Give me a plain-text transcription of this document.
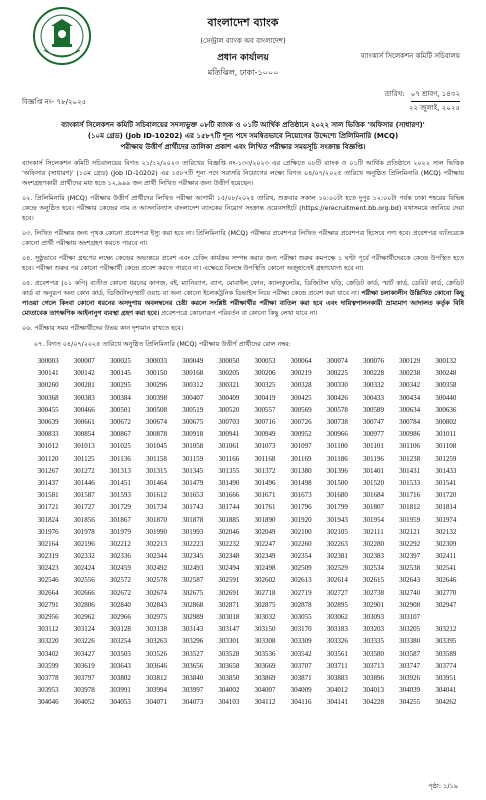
বাংলাদেশ ব্যাংক
(সেন্ট্রাল ব্যাংক অব বাংলাদেশ)
প্রধান কার্যালয়
মতিঝিল, ঢাকা-১০০০
ব্যাংকার্স সিলেকশন কমিটি সচিবালয়
বিজ্ঞপ্তি নং- ৭৮/২০২৫
তারিখ: ০৭ শ্রাবণ, ১৪৩২
২২ জুলাই, ২০২৫
ব্যাংকার্স সিলেকশন কমিটি সচিবালয়ের সদস্যভুক্ত ০৮টি ব্যাংক ও ০১টি আর্থিক প্রতিষ্ঠানে ২০২২ সাল ভিত্তিক 'অফিসার (সাধারণ)'
(১০ম গ্রেড) (Job ID-10202) এর ১৫৮৭টি শূন্য পদে সমন্বিতভাবে নিয়োগের উদ্দেশ্যে প্রিলিমিনারি (MCQ)
পরীক্ষায় উত্তীর্ণ প্রার্থীদের তালিকা প্রকাশ এবং লিখিত পরীক্ষার সময়সূচি সংক্রান্ত বিজ্ঞপ্তি।

ব্যাংকার্স সিলেকশন কমিটি সচিবালয়ের বিগত ২১/১২/২০২৩ তারিখের বিজ্ঞপ্তি নং-১৩৩/২০২৩ এর প্রেক্ষিতে ০৮টি ব্যাংক ও ০১টি আর্থিক প্রতিষ্ঠানে ২০২২ সাল ভিত্তিক 'অফিসার (সাধারণ)' (১০ম গ্রেড) (Job ID-10202) এর ১৫৮৭টি শূন্য পদে সরাসরি নিয়োগের লক্ষ্যে বিগত ০৪/০৭/২০২৫ তারিখে অনুষ্ঠিত প্রিলিমিনারি (MCQ) পরীক্ষায় অংশগ্রহণকারী প্রার্থীদের মধ্য হতে ১২,৯৯৯ জন প্রার্থী লিখিত পরীক্ষার জন্য উত্তীর্ণ হয়েছেন।

০২. প্রিলিমিনারি (MCQ) পরীক্ষায় উত্তীর্ণ প্রার্থীদের লিখিত পরীক্ষা আগামী ১৫/০৮/২০২৫ তারিখ, শুক্রবার সকাল ১০:০০টা হতে দুপুর ১২:০০টা পর্যন্ত ঢাকা শহরের বিভিন্ন কেন্দ্রে অনুষ্ঠিত হবে। পরীক্ষার কেন্দ্রের নাম ও আসনবিন্যাস বাংলাদেশ ব্যাংকের নিয়োগ সংক্রান্ত ওয়েবসাইটে (https://erecruitment.bb.org.bd) যথাসময়ে জানিয়ে দেয়া হবে।

০৩. লিখিত পরীক্ষার জন্য পৃথক কোনো প্রবেশপত্র ইস্যু করা হবে না। প্রিলিমিনারি (MCQ) পরীক্ষার প্রবেশপত্র লিখিত পরীক্ষার প্রবেশপত্র হিসেবে গণ্য হবে। প্রবেশপত্র ব্যতিরেকে কোনো প্রার্থী পরীক্ষায় অংশগ্রহণ করতে পারবে না।

০৪. সুষ্ঠুভাবে পরীক্ষা গ্রহণের লক্ষ্যে কেন্দ্রের অভ্যন্তরে প্রবেশ এবং চেকিং কার্যক্রম সম্পন্ন করার জন্য পরীক্ষা শুরুর কমপক্ষে ১ ঘণ্টা পূর্বে পরীক্ষার্থীদেরকে কেন্দ্রে উপস্থিত হতে হবে। পরীক্ষা শুরুর পর কোনো পরীক্ষার্থী কেন্দ্রে প্রবেশ করতে পারবে না। এক্ষেত্রে বিলম্বে উপস্থিতি কোনো অজুহাতেই গ্রহণযোগ্য হবে না।

০৫. প্রবেশপত্র (০১ কপি) ব্যতীত কোনো ধরনের কাগজ, বই, ম্যানিব্যাগ, ব্যাগ, মোবাইল ফোন, ক্যালকুলেটর, ডিজিটাল ঘড়ি, ক্রেডিট কার্ড, স্মার্ট কার্ড, ডেবিট কার্ড, ক্রেডিট কার্ড বা অনুরূপ অন্য কোন কার্ড, ডিজিটাল/স্মার্ট ওয়াচ বা অন্য কোনো ইলেকট্রনিক ডিভাইস নিয়ে পরীক্ষা কেন্দ্রে প্রবেশ করা যাবে না। পরীক্ষা চলাকালীন উল্লিখিত কোনো কিছু পাওয়া গেলে কিংবা কোনো ধরনের অসদুপায় অবলম্বনের চেষ্টা করলে সংশ্লিষ্ট পরীক্ষার্থীর পরীক্ষা বাতিল করা হবে এবং দায়িত্বপালনকারী ভ্রাম্যমাণ আদালত কর্তৃক বিধি মোতাবেক তাৎক্ষণিক আইনানুগ ব্যবস্থা গ্রহণ করা হবে। প্রবেশপত্রে কোনোরূপ পরিবর্তন বা কোনো কিছু লেখা যাবে না।

০৬. পরীক্ষার সময় পরীক্ষার্থীদের উভয় কান দৃশ্যমান রাখতে হবে।

০৭. বিগত ০৪/০৭/২০২৫ তারিখে অনুষ্ঠিত প্রিলিমিনারি (MCQ) পরীক্ষায় উত্তীর্ণ প্রার্থীদের রোল নম্বর:
300003	300007	300025	300033	300049	300050	300053	300064	300074	300076	300129	300132
300141	300142	300145	300150	300168	300205	300206	300219	300225	300228	300238	300248
300260	300281	300295	300296	300312	300321	300325	300328	300330	300332	300342	300358
300368	300383	300384	300398	300407	300409	300419	300425	300426	300433	300434	300440
300455	300466	300501	300508	300519	300520	300557	300569	300578	300589	300634	300636
300639	300661	300672	300674	300675	300703	300716	300726	300738	300747	300784	300802
300833	300854	300867	300878	300918	300941	300949	300952	300966	300977	300986	301011
301012	301013	301025	301045	301058	301061	301073	301097	301100	301101	301106	301108
301120	301125	301136	301158	301159	301166	301168	301169	301186	301196	301238	301259
301267	301272	301313	301315	301345	301355	301372	301380	301396	301401	301431	301433
301437	301446	301451	301464	301479	301490	301496	301498	301500	301520	301533	301541
301581	301587	301593	301612	301653	301666	301671	301673	301680	301684	301716	301720
301721	301727	301729	301734	301743	301744	301761	301796	301799	301807	301812	301814
301824	301856	301867	301870	301878	301885	301890	301920	301943	301954	301959	301974
301976	301978	301979	301990	301993	302046	302049	302100	302105	302111	302121	302132
302164	302196	302212	302213	302223	302232	302247	302260	302263	302280	302292	302309
302319	302332	302336	302344	302345	302348	302349	302354	302381	302383	302397	302411
302423	302424	302459	302492	302493	302494	302498	302509	302529	302534	302538	302541
302546	302556	302572	302578	302587	302591	302602	302613	302614	302615	302643	302646
302664	302666	302672	302674	302675	302691	302718	302719	302727	302738	302740	302770
302791	302806	302840	302843	302868	302871	302875	302878	302895	302901	302908	302947
302956	302962	302966	302975	302989	303018	303032	303055	303062	303093	303107	
303112	303124	303128	303138	303143	303147	303150	303170	303183	303203	303205	303212
303220	303226	303254	303263	303296	303301	303308	303309	303326	303335	303380	303395
303402	303427	303503	303526	303527	303528	303536	303542	303561	303580	303587	303589
303599	303619	303643	303646	303656	303658	303669	303707	303711	303713	303747	303774
303778	303797	303802	303812	303840	303850	303869	303871	303883	303896	303926	303951
303953	303978	303991	303994	303997	304002	304007	304009	304012	304013	304039	304041
304046	304052	304053	304071	304073	304103	304112	304116	304141	304228	304255	304262
পৃষ্ঠা: ১/১৯
